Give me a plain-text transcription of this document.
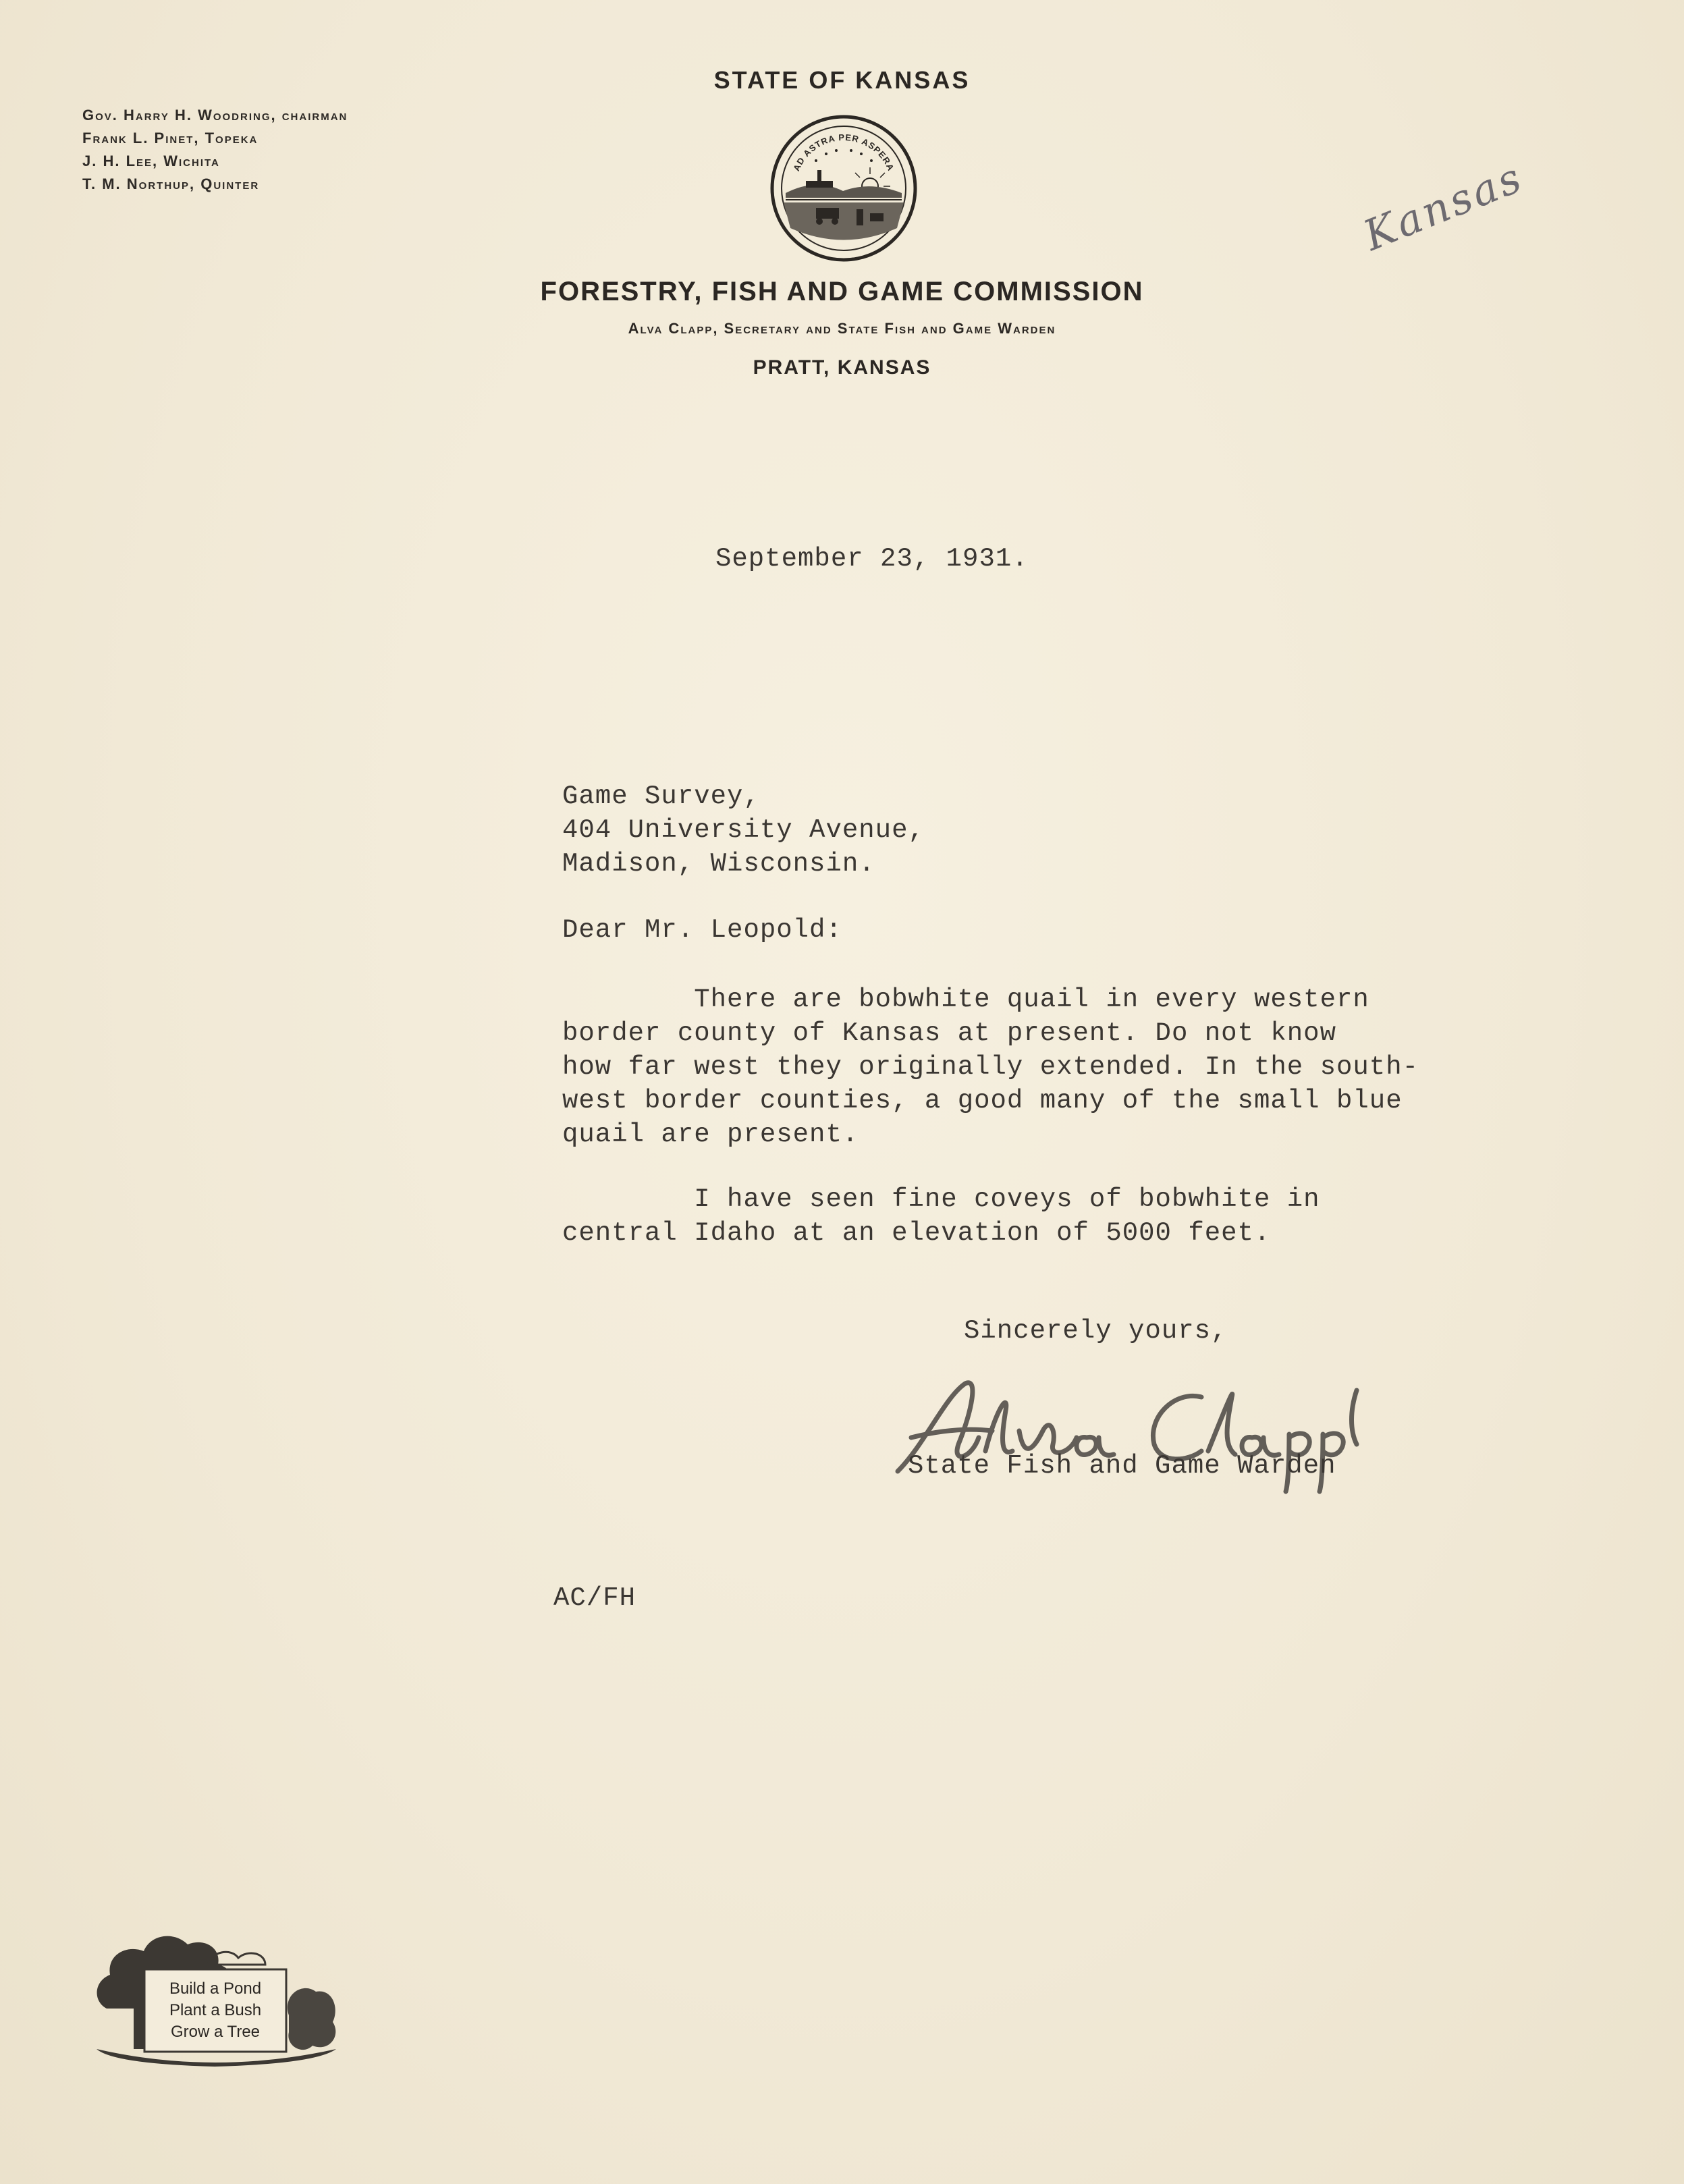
Gov. Harry H. Woodring, chairman
Frank L. Pinet, Topeka
J. H. Lee, Wichita
T. M. Northup, Quinter
STATE OF KANSAS
AD ASTRA PER ASPERA
FORESTRY, FISH AND GAME COMMISSION
Alva Clapp, Secretary and State Fish and Game Warden
PRATT, KANSAS
Kansas
September 23, 1931.
Game Survey,
404 University Avenue,
Madison, Wisconsin.
Dear Mr. Leopold:
There are bobwhite quail in every western
border county of Kansas at present. Do not know
how far west they originally extended. In the south-
west border counties, a good many of the small blue
quail are present.
I have seen fine coveys of bobwhite in
central Idaho at an elevation of 5000 feet.
Sincerely yours,
State Fish and Game Warden
AC/FH
Build a Pond
Plant a Bush
Grow a Tree
